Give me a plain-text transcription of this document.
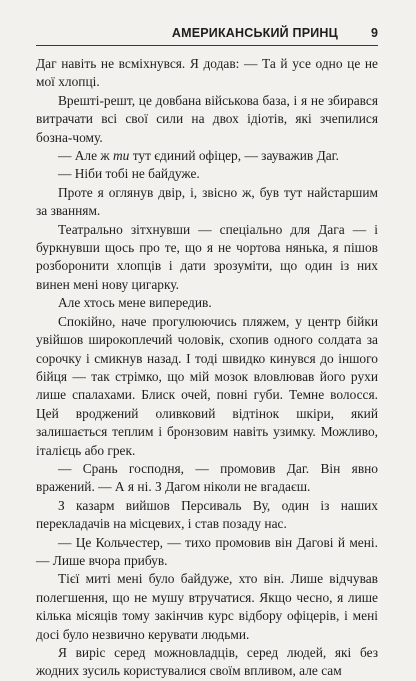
АМЕРИКАНСЬКИЙ ПРИНЦ	9

Даг навіть не всміхнувся. Я додав: — Та й усе одно це не мої хлопці.

Врешті-решт, це довбана військова база, і я не збирався витрачати всі свої сили на двох ідіотів, які зчепилися бозна-чому.

— Але ж ти тут єдиний офіцер, — зауважив Даг.

— Ніби тобі не байдуже.

Проте я оглянув двір, і, звісно ж, був тут найстаршим за званням.

Театрально зітхнувши — спеціально для Дага — і буркнувши щось про те, що я не чортова нянька, я пішов розборонити хлопців і дати зрозуміти, що один із них винен мені нову цигарку.

Але хтось мене випередив.

Спокійно, наче прогулюючись пляжем, у центр бійки увійшов широкоплечий чоловік, схопив одного солдата за сорочку і смикнув назад. І тоді швидко кинувся до іншого бійця — так стрімко, що мій мозок вловлював його рухи лише спалахами. Блиск очей, повні губи. Темне волосся. Цей вроджений оливковий відтінок шкіри, який залишається теплим і бронзовим навіть узимку. Можливо, італієць або грек.

— Срань господня, — промовив Даг. Він явно вражений. — А я ні. З Дагом ніколи не вгадаєш.

З казарм вийшов Персиваль Ву, один із наших перекладачів на місцевих, і став позаду нас.

— Це Кольчестер, — тихо промовив він Дагові й мені. — Лише вчора прибув.

Тієї миті мені було байдуже, хто він. Лише відчував полегшення, що не мушу втручатися. Якщо чесно, я лише кілька місяців тому закінчив курс відбору офіцерів, і мені досі було незвично керувати людьми.

Я виріс серед можновладців, серед людей, які без жодних зусиль користувалися своїм впливом, але сам
